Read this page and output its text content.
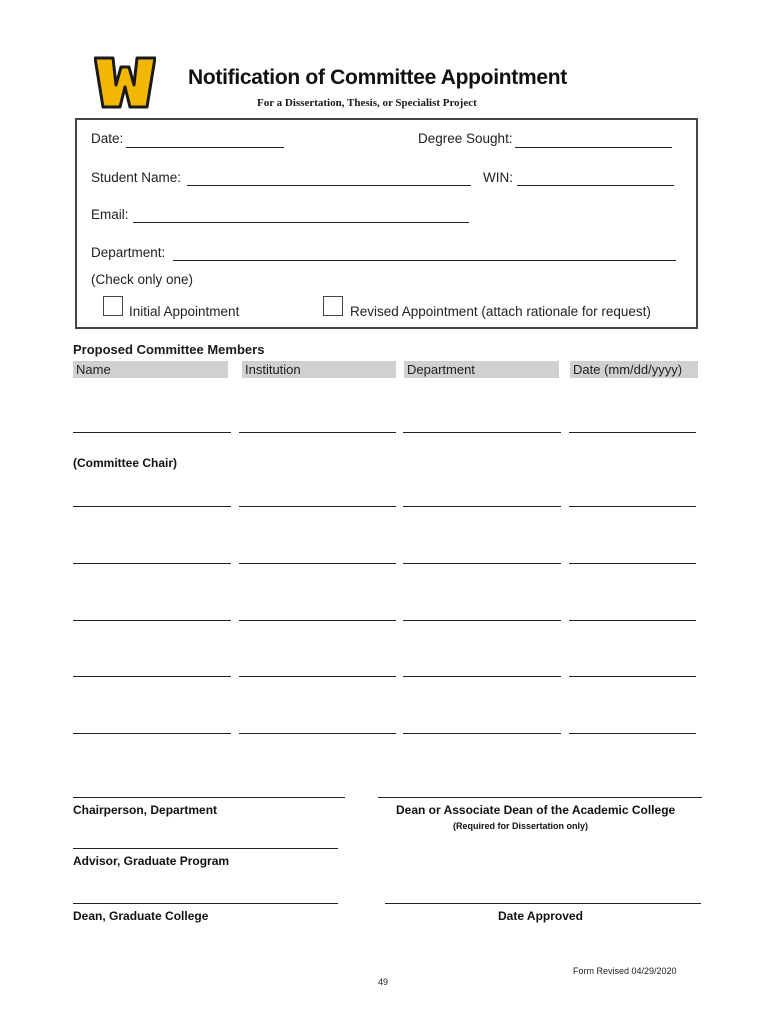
Notification of Committee Appointment
For a Dissertation, Thesis, or Specialist Project
Date:	Degree Sought:
Student Name:	WIN:
Email:
Department:
(Check only one)
Initial Appointment	Revised Appointment (attach rationale for request)
Proposed Committee Members
Name	Institution	Department	Date (mm/dd/yyyy)
(Committee Chair)
Chairperson, Department	Dean or Associate Dean of the Academic College
(Required for Dissertation only)
Advisor, Graduate Program
Dean, Graduate College	Date Approved
Form Revised 04/29/2020
49
